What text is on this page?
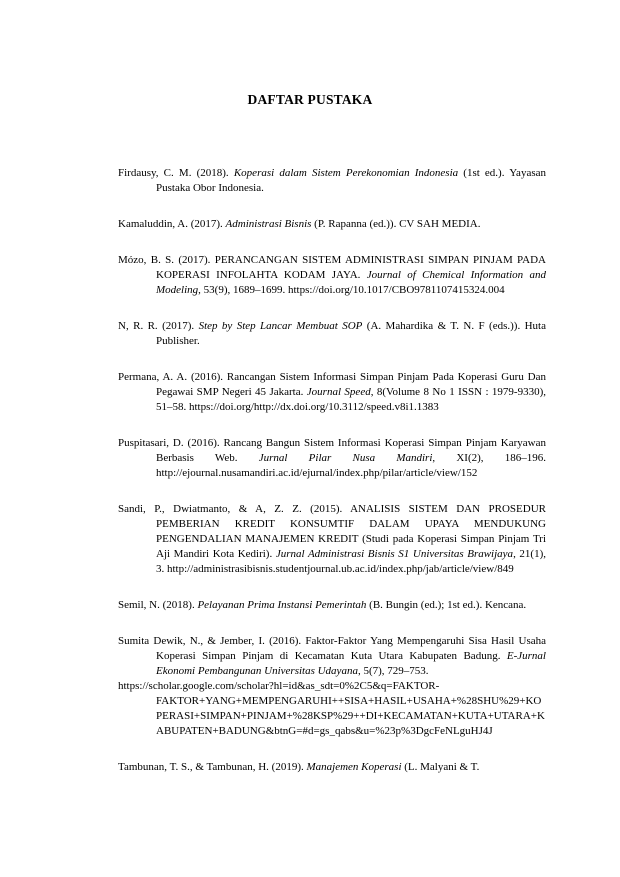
DAFTAR PUSTAKA

Firdausy, C. M. (2018). Koperasi dalam Sistem Perekonomian Indonesia (1st ed.). Yayasan Pustaka Obor Indonesia.

Kamaluddin, A. (2017). Administrasi Bisnis (P. Rapanna (ed.)). CV SAH MEDIA.

Mózo, B. S. (2017). PERANCANGAN SISTEM ADMINISTRASI SIMPAN PINJAM PADA KOPERASI INFOLAHTA KODAM JAYA. Journal of Chemical Information and Modeling, 53(9), 1689–1699. https://doi.org/10.1017/CBO9781107415324.004

N, R. R. (2017). Step by Step Lancar Membuat SOP (A. Mahardika & T. N. F (eds.)). Huta Publisher.

Permana, A. A. (2016). Rancangan Sistem Informasi Simpan Pinjam Pada Koperasi Guru Dan Pegawai SMP Negeri 45 Jakarta. Journal Speed, 8(Volume 8 No 1 ISSN : 1979-9330), 51–58. https://doi.org/http://dx.doi.org/10.3112/speed.v8i1.1383

Puspitasari, D. (2016). Rancang Bangun Sistem Informasi Koperasi Simpan Pinjam Karyawan Berbasis Web. Jurnal Pilar Nusa Mandiri, XI(2), 186–196. http://ejournal.nusamandiri.ac.id/ejurnal/index.php/pilar/article/view/152

Sandi, P., Dwiatmanto, & A, Z. Z. (2015). ANALISIS SISTEM DAN PROSEDUR PEMBERIAN KREDIT KONSUMTIF DALAM UPAYA MENDUKUNG PENGENDALIAN MANAJEMEN KREDIT (Studi pada Koperasi Simpan Pinjam Tri Aji Mandiri Kota Kediri). Jurnal Administrasi Bisnis S1 Universitas Brawijaya, 21(1), 3. http://administrasibisnis.studentjournal.ub.ac.id/index.php/jab/article/view/849

Semil, N. (2018). Pelayanan Prima Instansi Pemerintah (B. Bungin (ed.); 1st ed.). Kencana.

Sumita Dewik, N., & Jember, I. (2016). Faktor-Faktor Yang Mempengaruhi Sisa Hasil Usaha Koperasi Simpan Pinjam di Kecamatan Kuta Utara Kabupaten Badung. E-Jurnal Ekonomi Pembangunan Universitas Udayana, 5(7), 729–753.
https://scholar.google.com/scholar?hl=id&as_sdt=0%2C5&q=FAKTOR-FAKTOR+YANG+MEMPENGARUHI++SISA+HASIL+USAHA+%28SHU%29+KOPERASI+SIMPAN+PINJAM+%28KSP%29++DI+KECAMATAN+KUTA+UTARA+KABUPATEN+BADUNG&btnG=#d=gs_qabs&u=%23p%3DgcFeNLguHJ4J

Tambunan, T. S., & Tambunan, H. (2019). Manajemen Koperasi (L. Malyani & T.
